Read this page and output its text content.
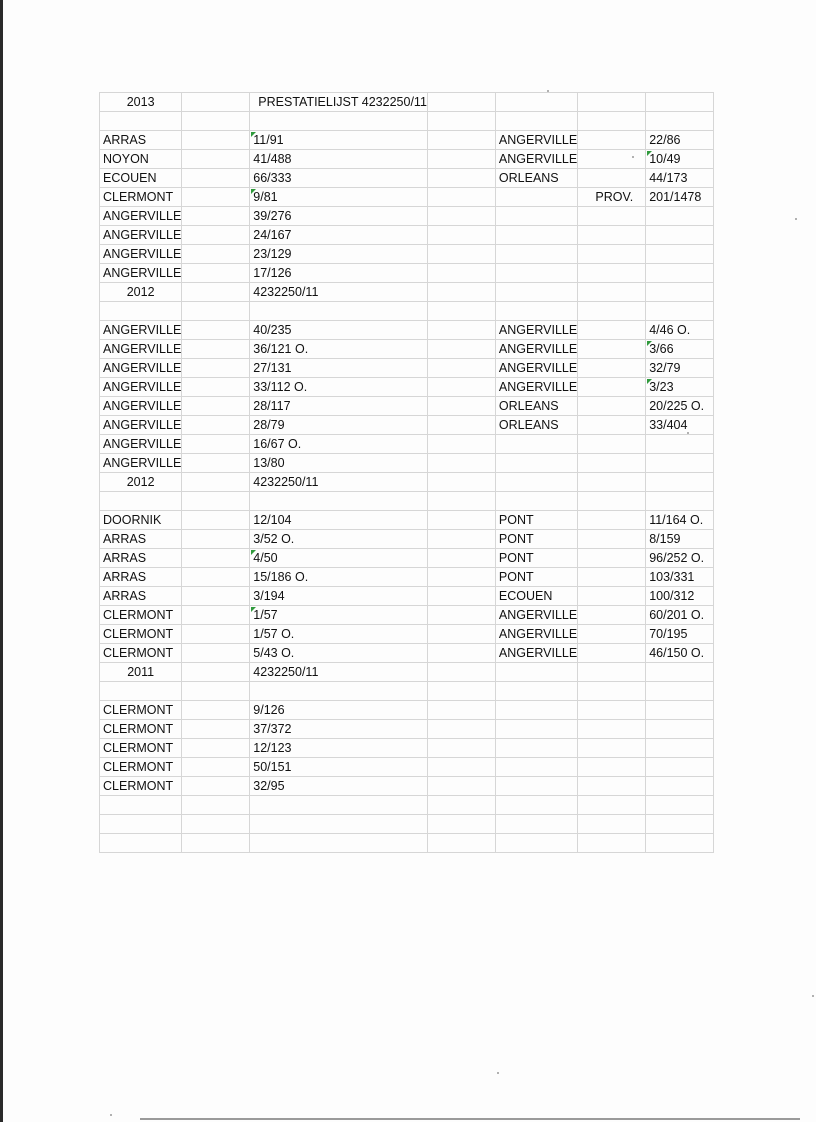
2013		PRESTATIELIJST 4232250/11				

ARRAS		11/91		ANGERVILLE		22/86
NOYON		41/488		ANGERVILLE		10/49
ECOUEN		66/333		ORLEANS		44/173
CLERMONT		9/81			PROV.	201/1478
ANGERVILLE		39/276				
ANGERVILLE		24/167				
ANGERVILLE		23/129				
ANGERVILLE		17/126				
2012		4232250/11				

ANGERVILLE		40/235		ANGERVILLE		4/46 O.
ANGERVILLE		36/121 O.		ANGERVILLE		3/66
ANGERVILLE		27/131		ANGERVILLE		32/79
ANGERVILLE		33/112 O.		ANGERVILLE		3/23
ANGERVILLE		28/117		ORLEANS		20/225 O.
ANGERVILLE		28/79		ORLEANS		33/404
ANGERVILLE		16/67 O.				
ANGERVILLE		13/80				
2012		4232250/11				

DOORNIK		12/104		PONT		11/164 O.
ARRAS		3/52 O.		PONT		8/159
ARRAS		4/50		PONT		96/252 O.
ARRAS		15/186 O.		PONT		103/331
ARRAS		3/194		ECOUEN		100/312
CLERMONT		1/57		ANGERVILLE		60/201 O.
CLERMONT		1/57 O.		ANGERVILLE		70/195
CLERMONT		5/43 O.		ANGERVILLE		46/150 O.
2011		4232250/11				

CLERMONT		9/126				
CLERMONT		37/372				
CLERMONT		12/123				
CLERMONT		50/151				
CLERMONT		32/95				
